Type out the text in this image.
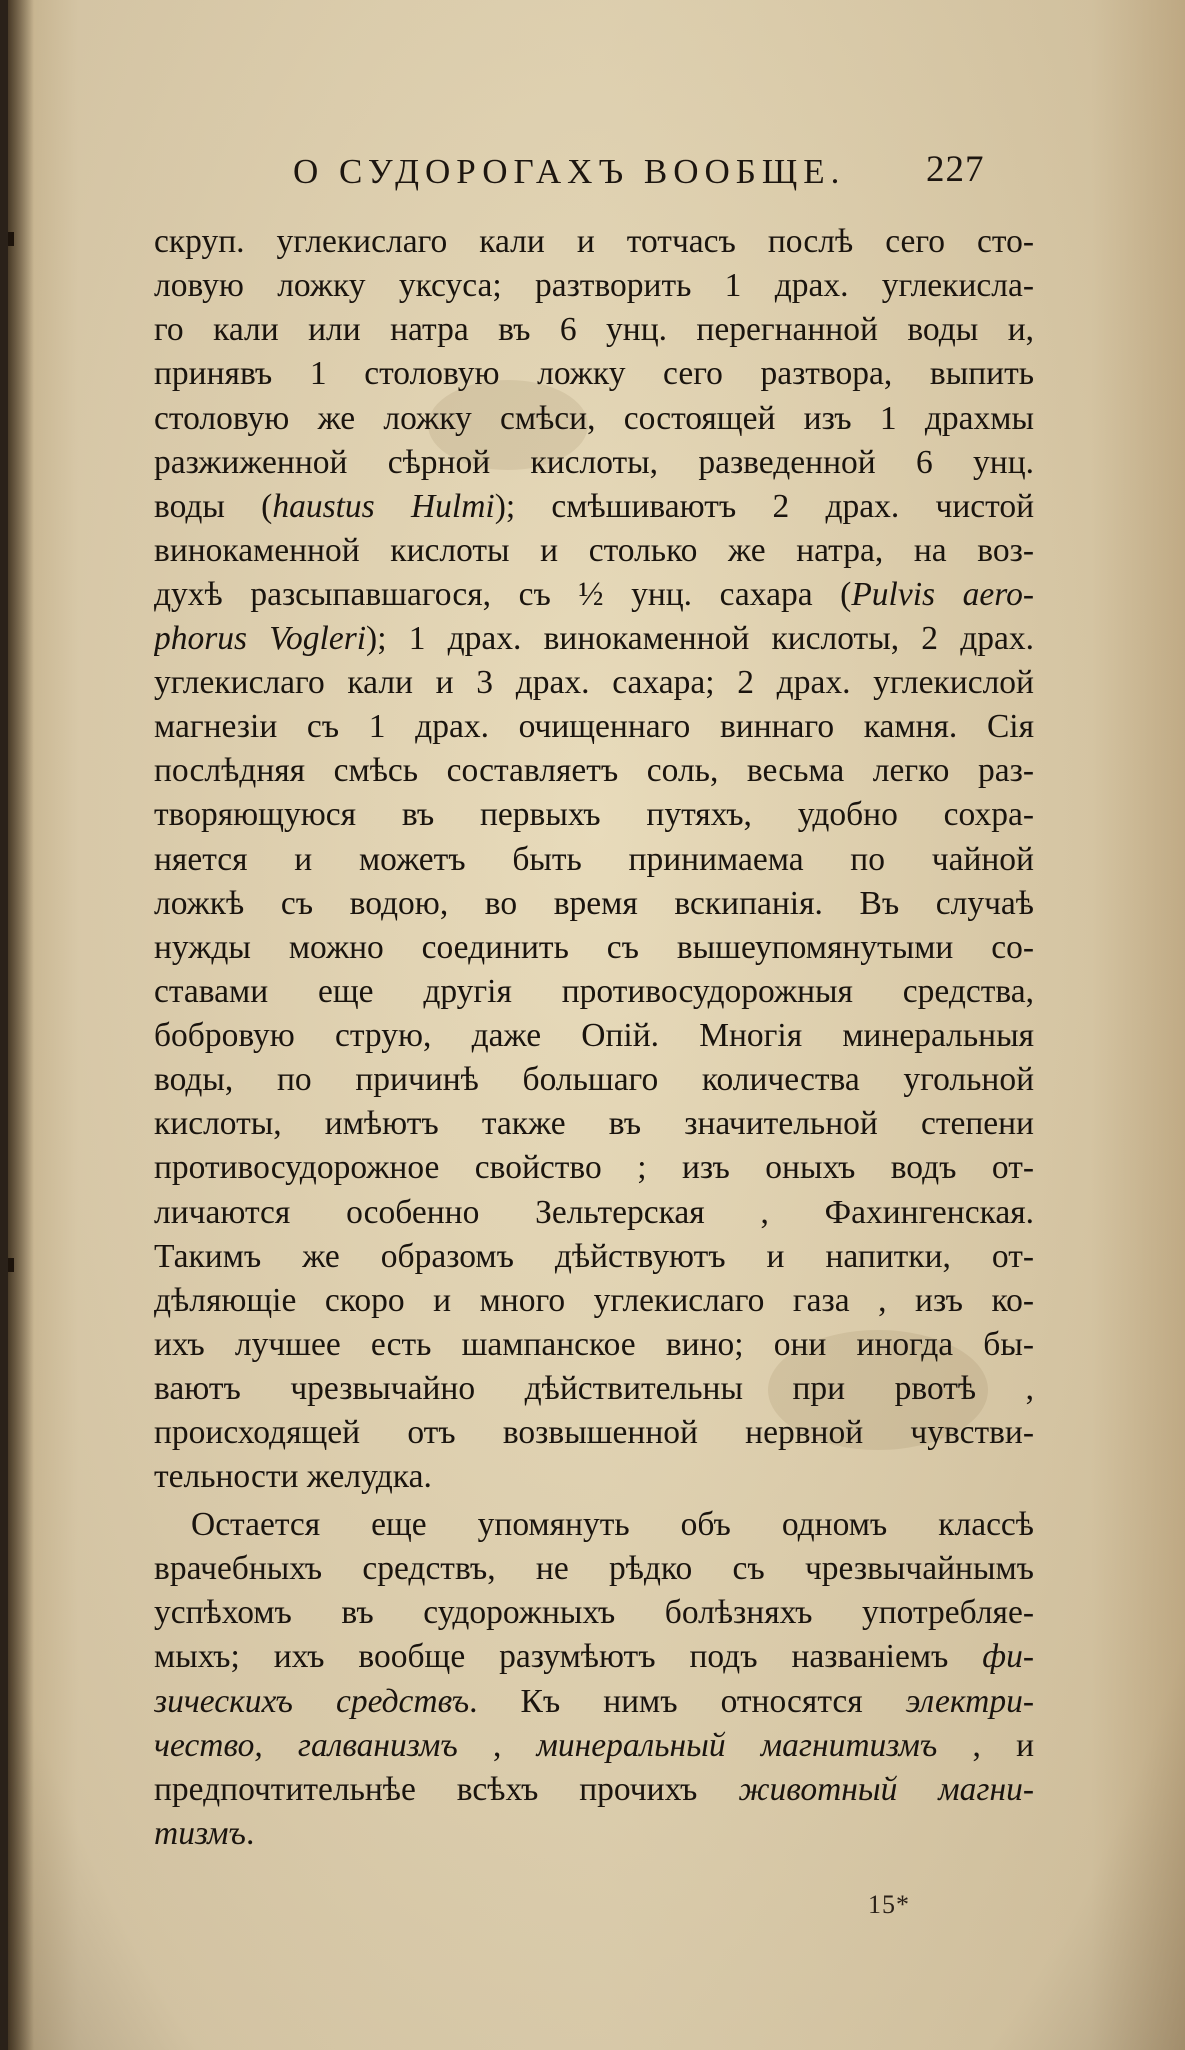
О СУДОРОГАХЪ ВООБЩЕ. 227
скруп. углекислаго кали и тотчасъ послѣ сего сто-
ловую ложку уксуса; разтворить 1 драх. углекисла-
го кали или натра въ 6 унц. перегнанной воды и,
принявъ 1 столовую ложку сего разтвора, выпить
столовую же ложку смѣси, состоящей изъ 1 драхмы
разжиженной сѣрной кислоты, разведенной 6 унц.
воды (haustus Hulmi); смѣшиваютъ 2 драх. чистой
винокаменной кислоты и столько же натра, на воз-
духѣ разсыпавшагося, съ ½ унц. сахара (Pulvis aero-
phorus Vogleri); 1 драх. винокаменной кислоты, 2 драх.
углекислаго кали и 3 драх. сахара; 2 драх. углекислой
магнезіи съ 1 драх. очищеннаго виннаго камня. Сія
послѣдняя смѣсь составляетъ соль, весьма легко раз-
творяющуюся въ первыхъ путяхъ, удобно сохра-
няется и можетъ быть принимаема по чайной
ложкѣ съ водою, во время вскипанія. Въ случаѣ
нужды можно соединить съ вышеупомянутыми со-
ставами еще другія противосудорожныя средства,
бобровую струю, даже Опій. Многія минеральныя
воды, по причинѣ большаго количества угольной
кислоты, имѣютъ также въ значительной степени
противосудорожное свойство ; изъ оныхъ водъ от-
личаются особенно Зельтерская , Фахингенская.
Такимъ же образомъ дѣйствуютъ и напитки, от-
дѣляющіе скоро и много углекислаго газа , изъ ко-
ихъ лучшее есть шампанское вино; они иногда бы-
ваютъ чрезвычайно дѣйствительны при рвотѣ ,
происходящей отъ возвышенной нервной чувстви-
тельности желудка.
Остается еще упомянуть объ одномъ классѣ
врачебныхъ средствъ, не рѣдко съ чрезвычайнымъ
успѣхомъ въ судорожныхъ болѣзняхъ употребляе-
мыхъ; ихъ вообще разумѣютъ подъ названіемъ фи-
зическихъ средствъ. Къ нимъ относятся электри-
чество, галванизмъ , минеральный магнитизмъ , и
предпочтительнѣе всѣхъ прочихъ животный магни-
тизмъ.
15*
